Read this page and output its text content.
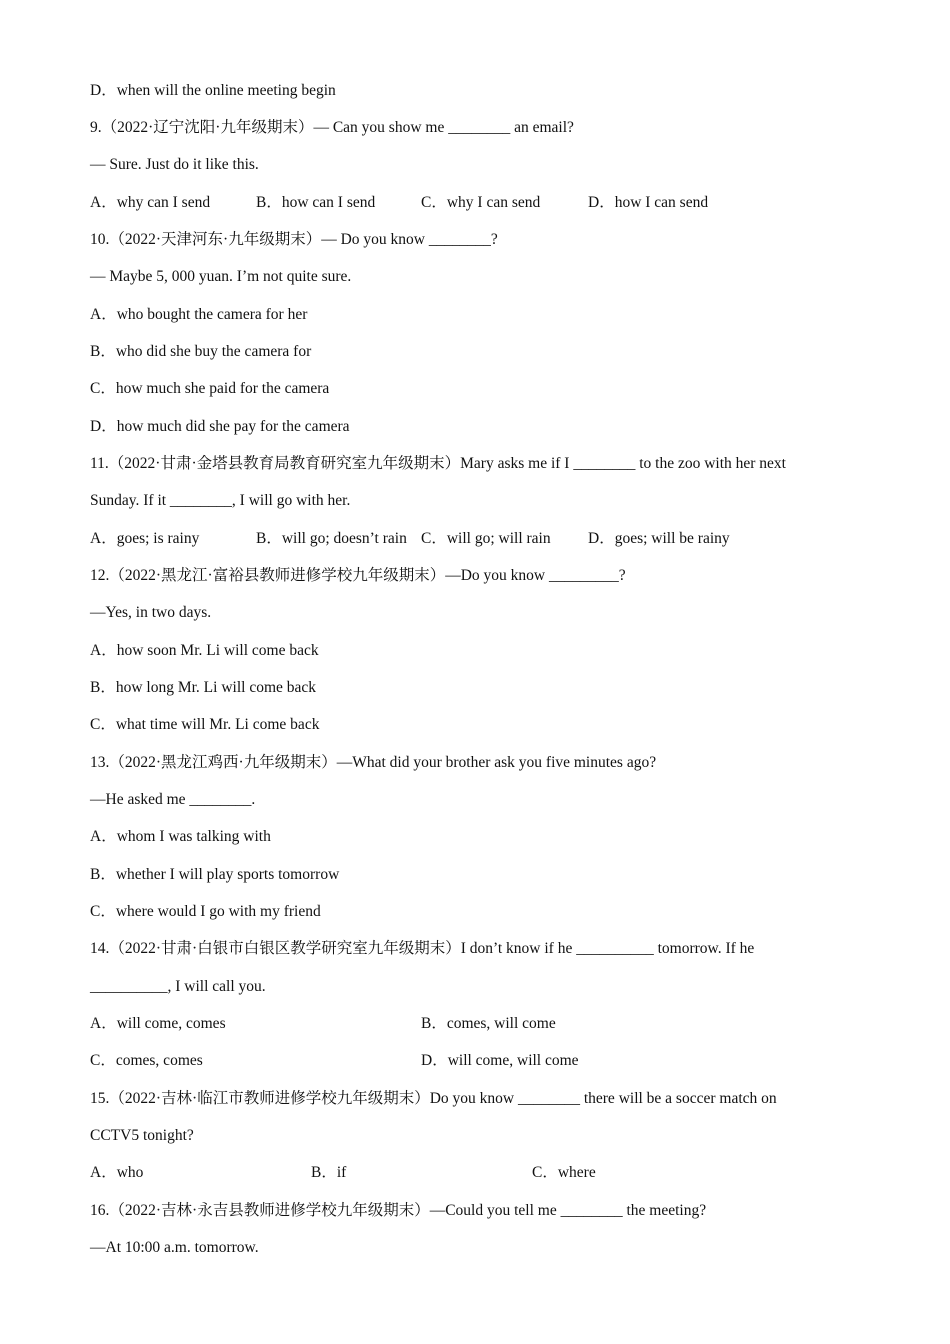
D．when will the online meeting begin

9.（2022·辽宁沈阳·九年级期末）— Can you show me ________ an email?

— Sure. Just do it like this.

A．why can I send

	B．how can I send

	C．why I can send

	D．how I can send

10.（2022·天津河东·九年级期末）— Do you know ________?

— Maybe 5, 000 yuan. I’m not quite sure.

A．who bought the camera for her

B．who did she buy the camera for

C．how much she paid for the camera

D．how much did she pay for the camera

11.（2022·甘肃·金塔县教育局教育研究室九年级期末）Mary asks me if I ________ to the zoo with her next

Sunday. If it ________, I will go with her.

A．goes; is rainy

	B．will go; doesn’t rain

C．will go; will rain

D．goes; will be rainy

12.（2022·黑龙江·富裕县教师进修学校九年级期末）—Do you know _________?

—Yes, in two days.

A．how soon Mr. Li will come back

B．how long Mr. Li will come back

C．what time will Mr. Li come back

13.（2022·黑龙江鸡西·九年级期末）—What did your brother ask you five minutes ago?

—He asked me ________.

A．whom I was talking with

B．whether I will play sports tomorrow

C．where would I go with my friend

14.（2022·甘肃·白银市白银区教学研究室九年级期末）I don’t know if he __________ tomorrow. If he

__________, I will call you.

A．will come, comes

	B．comes, will come

C．comes, comes

	D．will come, will come

15.（2022·吉林·临江市教师进修学校九年级期末）Do you know ________ there will be a soccer match on

CCTV5 tonight?

A．who

	B．if

	C．where

16.（2022·吉林·永吉县教师进修学校九年级期末）—Could you tell me ________ the meeting?

—At 10:00 a.m. tomorrow.
